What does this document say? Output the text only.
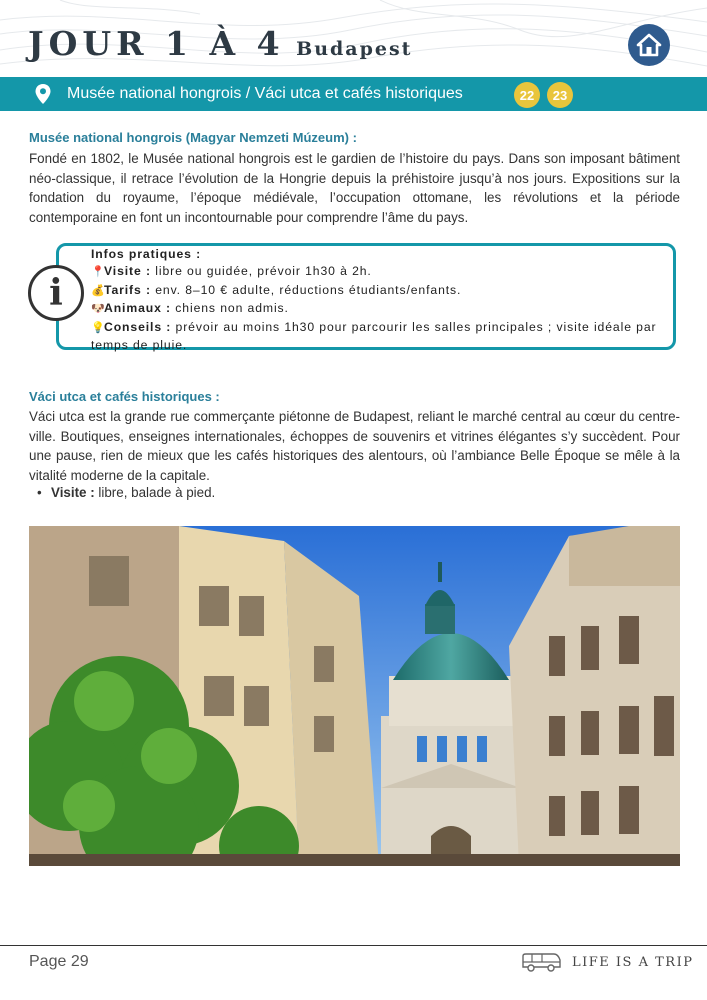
JOUR 1 À 4 Budapest
Musée national hongrois / Váci utca et cafés historiques	22	23
Musée national hongrois (Magyar Nemzeti Múzeum) :
Fondé en 1802, le Musée national hongrois est le gardien de l’histoire du pays. Dans son imposant bâtiment néo-classique, il retrace l’évolution de la Hongrie depuis la préhistoire jusqu’à nos jours. Expositions sur la fondation du royaume, l’époque médiévale, l’occupation ottomane, les révolutions et la période contemporaine en font un incontournable pour comprendre l’âme du pays.
i
Infos pratiques :
📍Visite : libre ou guidée, prévoir 1h30 à 2h.
💰Tarifs : env. 8–10 € adulte, réductions étudiants/enfants.
🐶Animaux : chiens non admis.
💡Conseils : prévoir au moins 1h30 pour parcourir les salles principales ; visite idéale par temps de pluie.
Váci utca et cafés historiques :
Váci utca est la grande rue commerçante piétonne de Budapest, reliant le marché central au cœur du centre-ville. Boutiques, enseignes internationales, échoppes de souvenirs et vitrines élégantes s’y succèdent. Pour une pause, rien de mieux que les cafés historiques des alentours, où l’ambiance Belle Époque se mêle à la vitalité moderne de la capitale.
• Visite : libre, balade à pied.
Page 29	LIFE IS A TRIP
